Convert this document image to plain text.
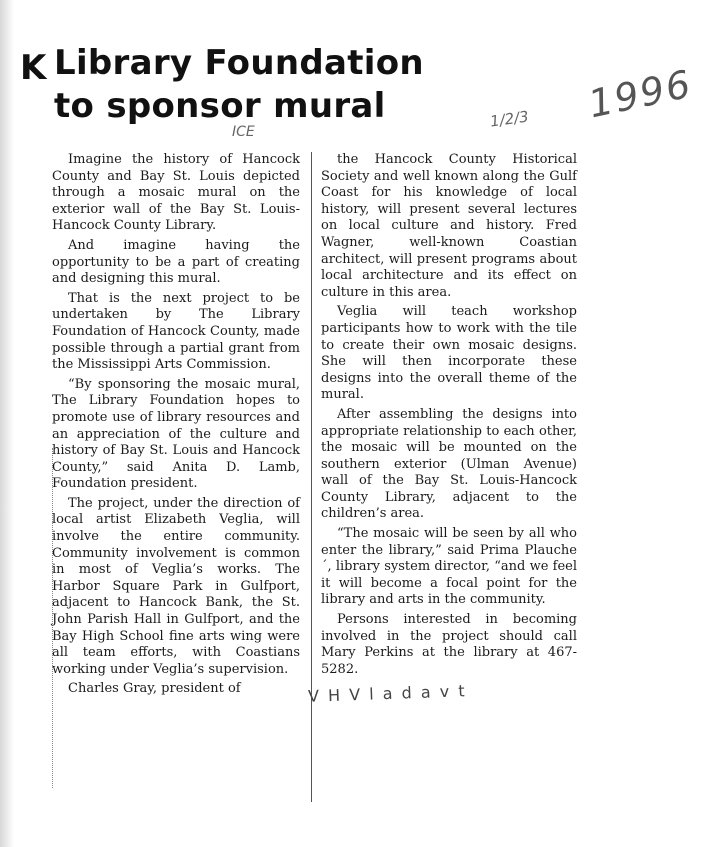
K Library Foundation
to sponsor mural	1996
ICE
1/2/3

Imagine the history of Hancock County and Bay St. Louis depicted through a mosaic mural on the exterior wall of the Bay St. Louis-Hancock County Library.

And imagine having the opportunity to be a part of creating and designing this mural.

That is the next project to be undertaken by The Library Foundation of Hancock County, made possible through a partial grant from the Mississippi Arts Commission.

“By sponsoring the mosaic mural, The Library Foundation hopes to promote use of library resources and an appreciation of the culture and history of Bay St. Louis and Hancock County,” said Anita D. Lamb, Foundation president.

The project, under the direction of local artist Elizabeth Veglia, will involve the entire community. Community involvement is common in most of Veglia’s works. The Harbor Square Park in Gulfport, adjacent to Hancock Bank, the St. John Parish Hall in Gulfport, and the Bay High School fine arts wing were all team efforts, with Coastians working under Veglia’s supervision.

Charles Gray, president of

the Hancock County Historical Society and well known along the Gulf Coast for his knowledge of local history, will present several lectures on local culture and history. Fred Wagner, well-known Coastian architect, will present programs about local architecture and its effect on culture in this area.

Veglia will teach workshop participants how to work with the tile to create their own mosaic designs. She will then incorporate these designs into the overall theme of the mural.

After assembling the designs into appropriate relationship to each other, the mosaic will be mounted on the southern exterior (Ulman Avenue) wall of the Bay St. Louis-Hancock County Library, adjacent to the children’s area.

“The mosaic will be seen by all who enter the library,” said Prima Plauche´, library system director, “and we feel it will become a focal point for the library and arts in the community.

Persons interested in becoming involved in the project should call Mary Perkins at the library at 467-5282.

V H V l a d a v t
